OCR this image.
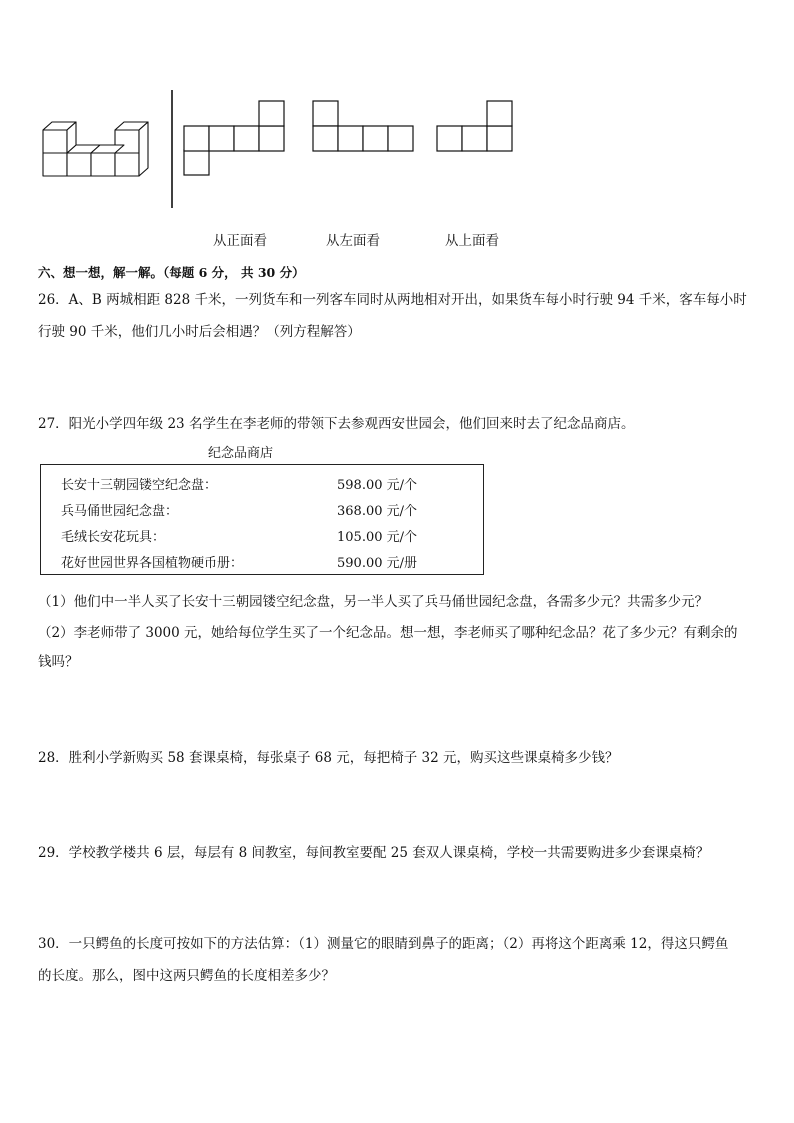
从正面看	从左面看	从上面看
六、想一想，解一解。（每题 6 分， 共 30 分）
26．A、B 两城相距 828 千米，一列货车和一列客车同时从两地相对开出，如果货车每小时行驶 94 千米，客车每小时
行驶 90 千米，他们几小时后会相遇？（列方程解答）
27．阳光小学四年级 23 名学生在李老师的带领下去参观西安世园会，他们回来时去了纪念品商店。
纪念品商店
长安十三朝园镂空纪念盘：	598.00 元/个
兵马俑世园纪念盘：	368.00 元/个
毛绒长安花玩具：	105.00 元/个
花好世园世界各国植物硬币册：	590.00 元/册
（1）他们中一半人买了长安十三朝园镂空纪念盘，另一半人买了兵马俑世园纪念盘，各需多少元？共需多少元？
（2）李老师带了 3000 元，她给每位学生买了一个纪念品。想一想，李老师买了哪种纪念品？花了多少元？有剩余的
钱吗？
28．胜利小学新购买 58 套课桌椅，每张桌子 68 元，每把椅子 32 元，购买这些课桌椅多少钱？
29．学校教学楼共 6 层，每层有 8 间教室，每间教室要配 25 套双人课桌椅，学校一共需要购进多少套课桌椅？
30．一只鳄鱼的长度可按如下的方法估算：（1）测量它的眼睛到鼻子的距离；（2）再将这个距离乘 12，得这只鳄鱼
的长度。那么，图中这两只鳄鱼的长度相差多少？
